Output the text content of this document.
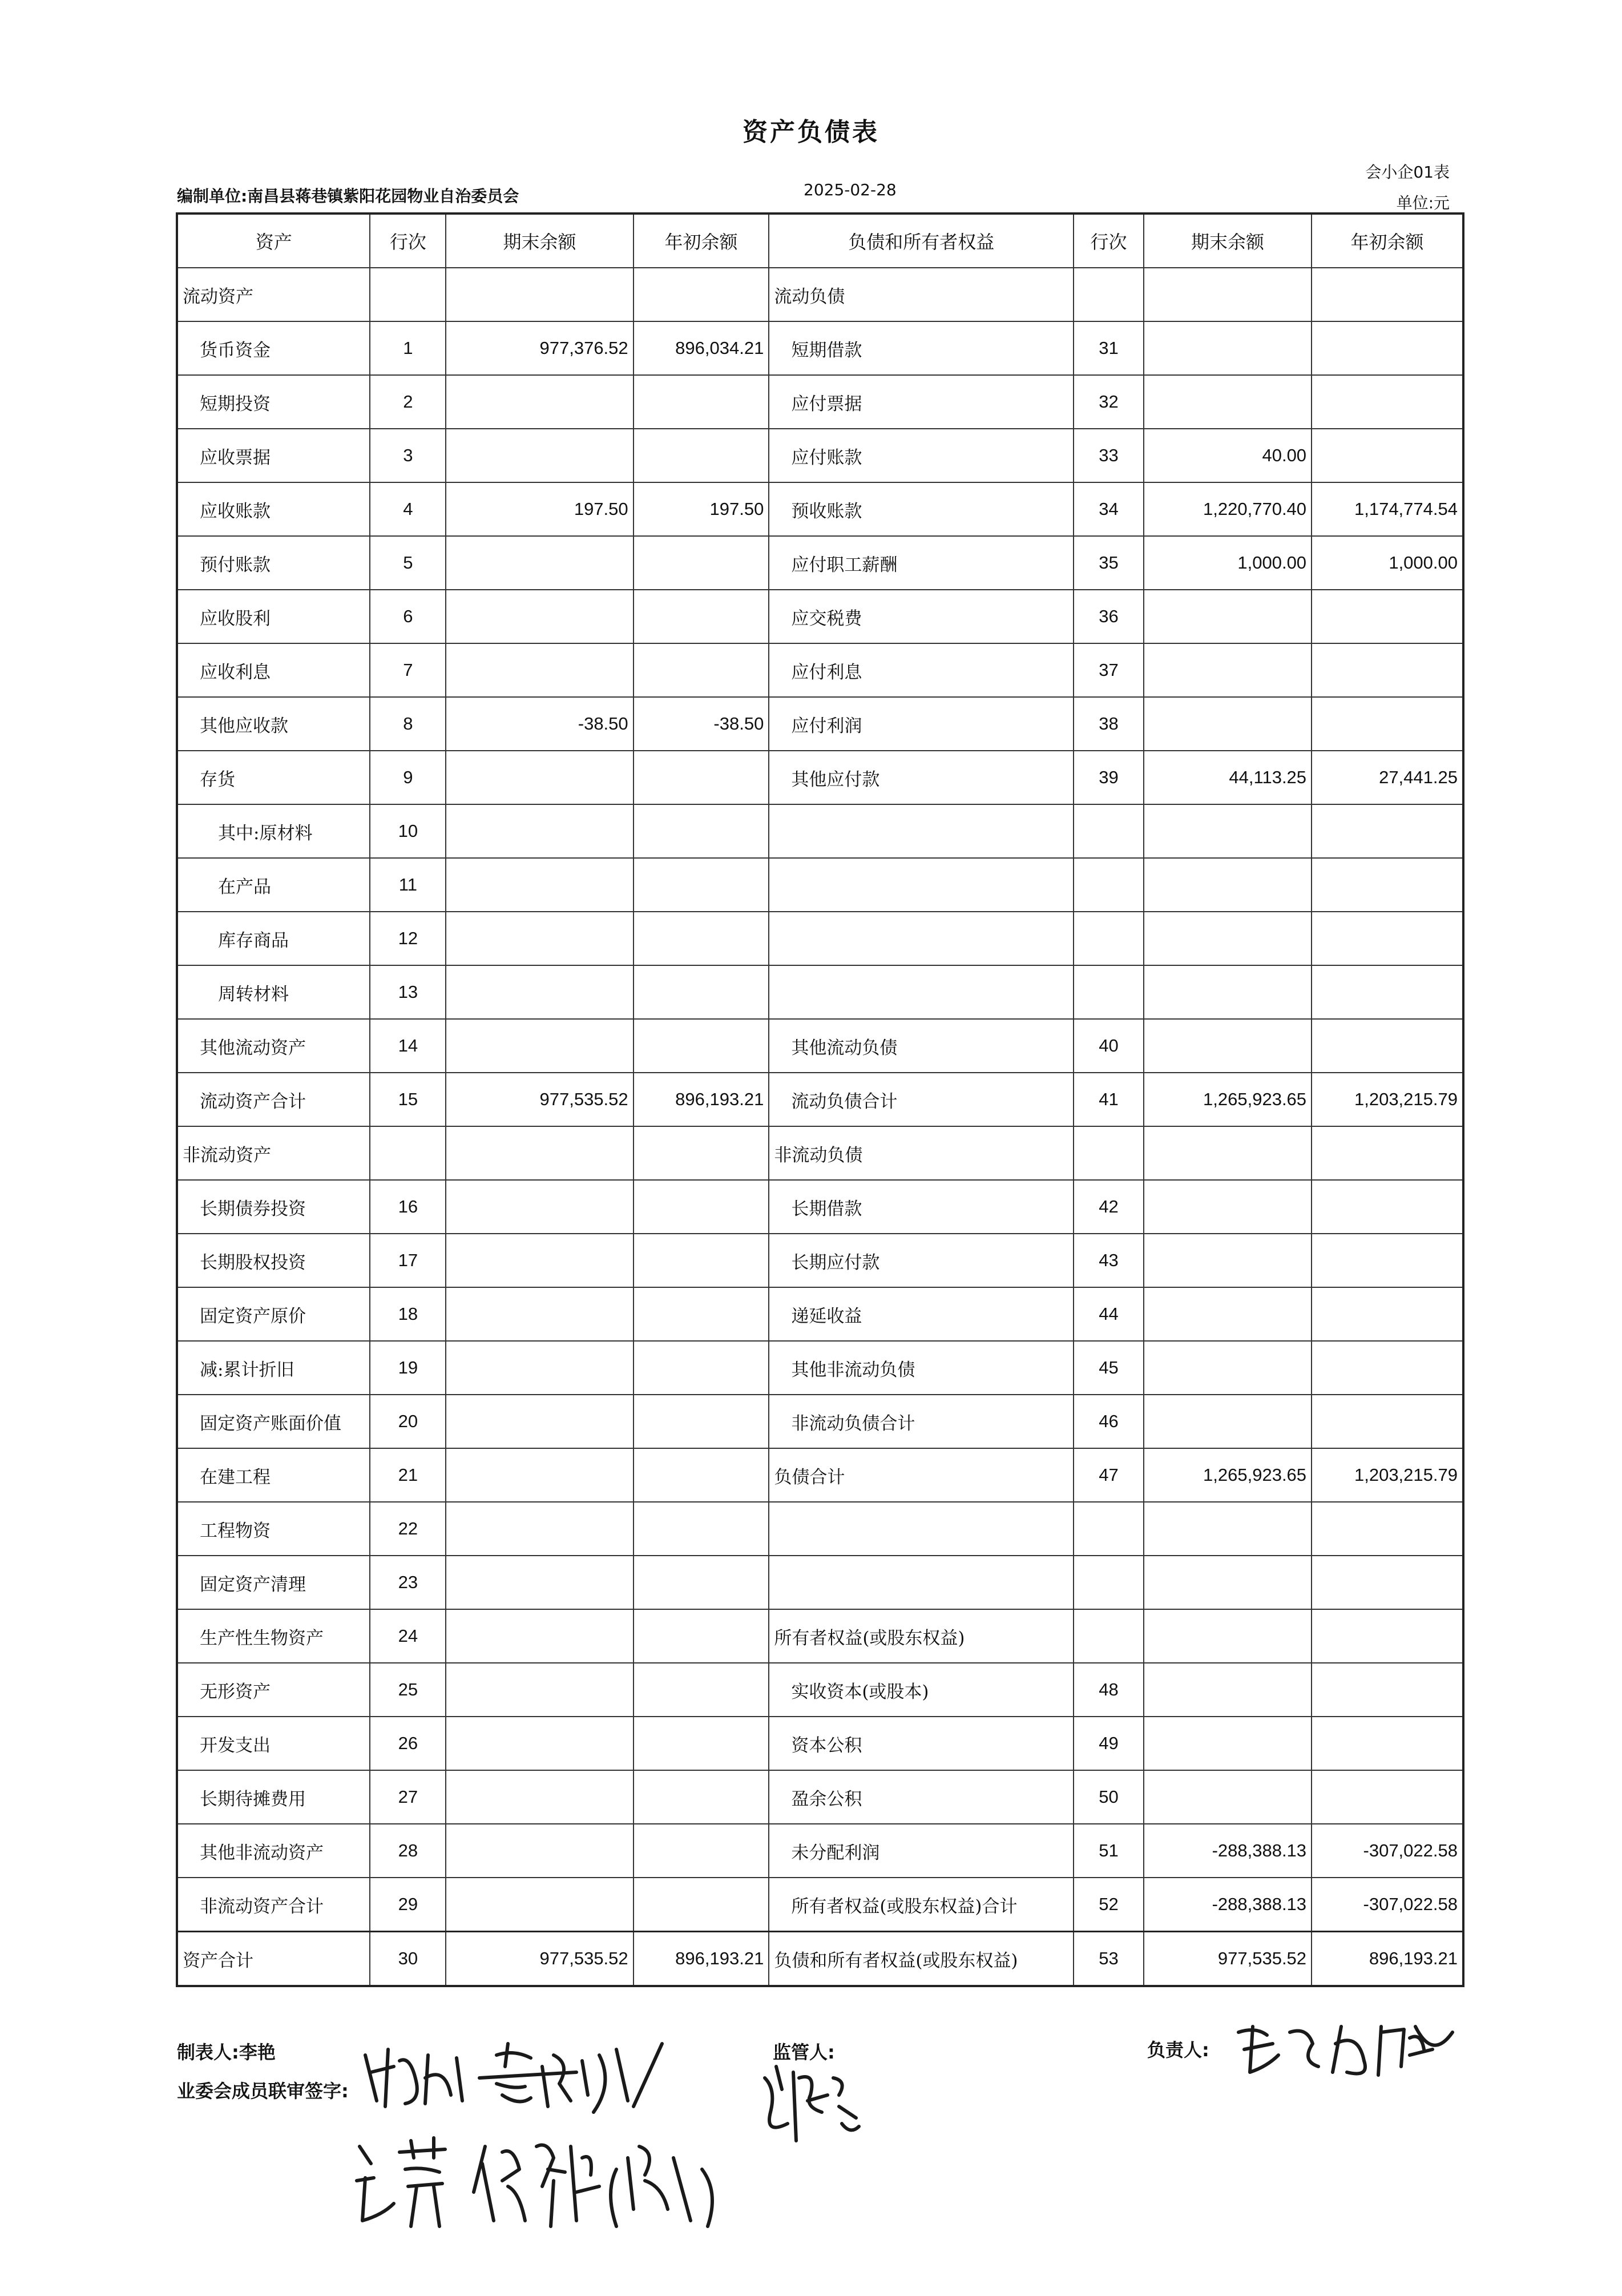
资产负债表
会小企01表
编制单位:南昌县蒋巷镇紫阳花园物业自治委员会	2025-02-28
单位:元
资产	行次	期末余额	年初余额	负债和所有者权益	行次	期末余额	年初余额
流动资产				流动负债			
货币资金	1	977,376.52	896,034.21	短期借款	31		
短期投资	2			应付票据	32		
应收票据	3			应付账款	33	40.00	
应收账款	4	197.50	197.50	预收账款	34	1,220,770.40	1,174,774.54
预付账款	5			应付职工薪酬	35	1,000.00	1,000.00
应收股利	6			应交税费	36		
应收利息	7			应付利息	37		
其他应收款	8	-38.50	-38.50	应付利润	38		
存货	9			其他应付款	39	44,113.25	27,441.25
其中:原材料	10						
在产品	11						
库存商品	12						
周转材料	13						
其他流动资产	14			其他流动负债	40		
流动资产合计	15	977,535.52	896,193.21	流动负债合计	41	1,265,923.65	1,203,215.79
非流动资产				非流动负债			
长期债券投资	16			长期借款	42		
长期股权投资	17			长期应付款	43		
固定资产原价	18			递延收益	44		
减:累计折旧	19			其他非流动负债	45		
固定资产账面价值	20			非流动负债合计	46		
在建工程	21			负债合计	47	1,265,923.65	1,203,215.79
工程物资	22						
固定资产清理	23						
生产性生物资产	24			所有者权益(或股东权益)			
无形资产	25			实收资本(或股本)	48		
开发支出	26			资本公积	49		
长期待摊费用	27			盈余公积	50		
其他非流动资产	28			未分配利润	51	-288,388.13	-307,022.58
非流动资产合计	29			所有者权益(或股东权益)合计	52	-288,388.13	-307,022.58
资产合计	30	977,535.52	896,193.21	负债和所有者权益(或股东权益)	53	977,535.52	896,193.21
制表人:李艳	监管人:	负责人:
业委会成员联审签字:
